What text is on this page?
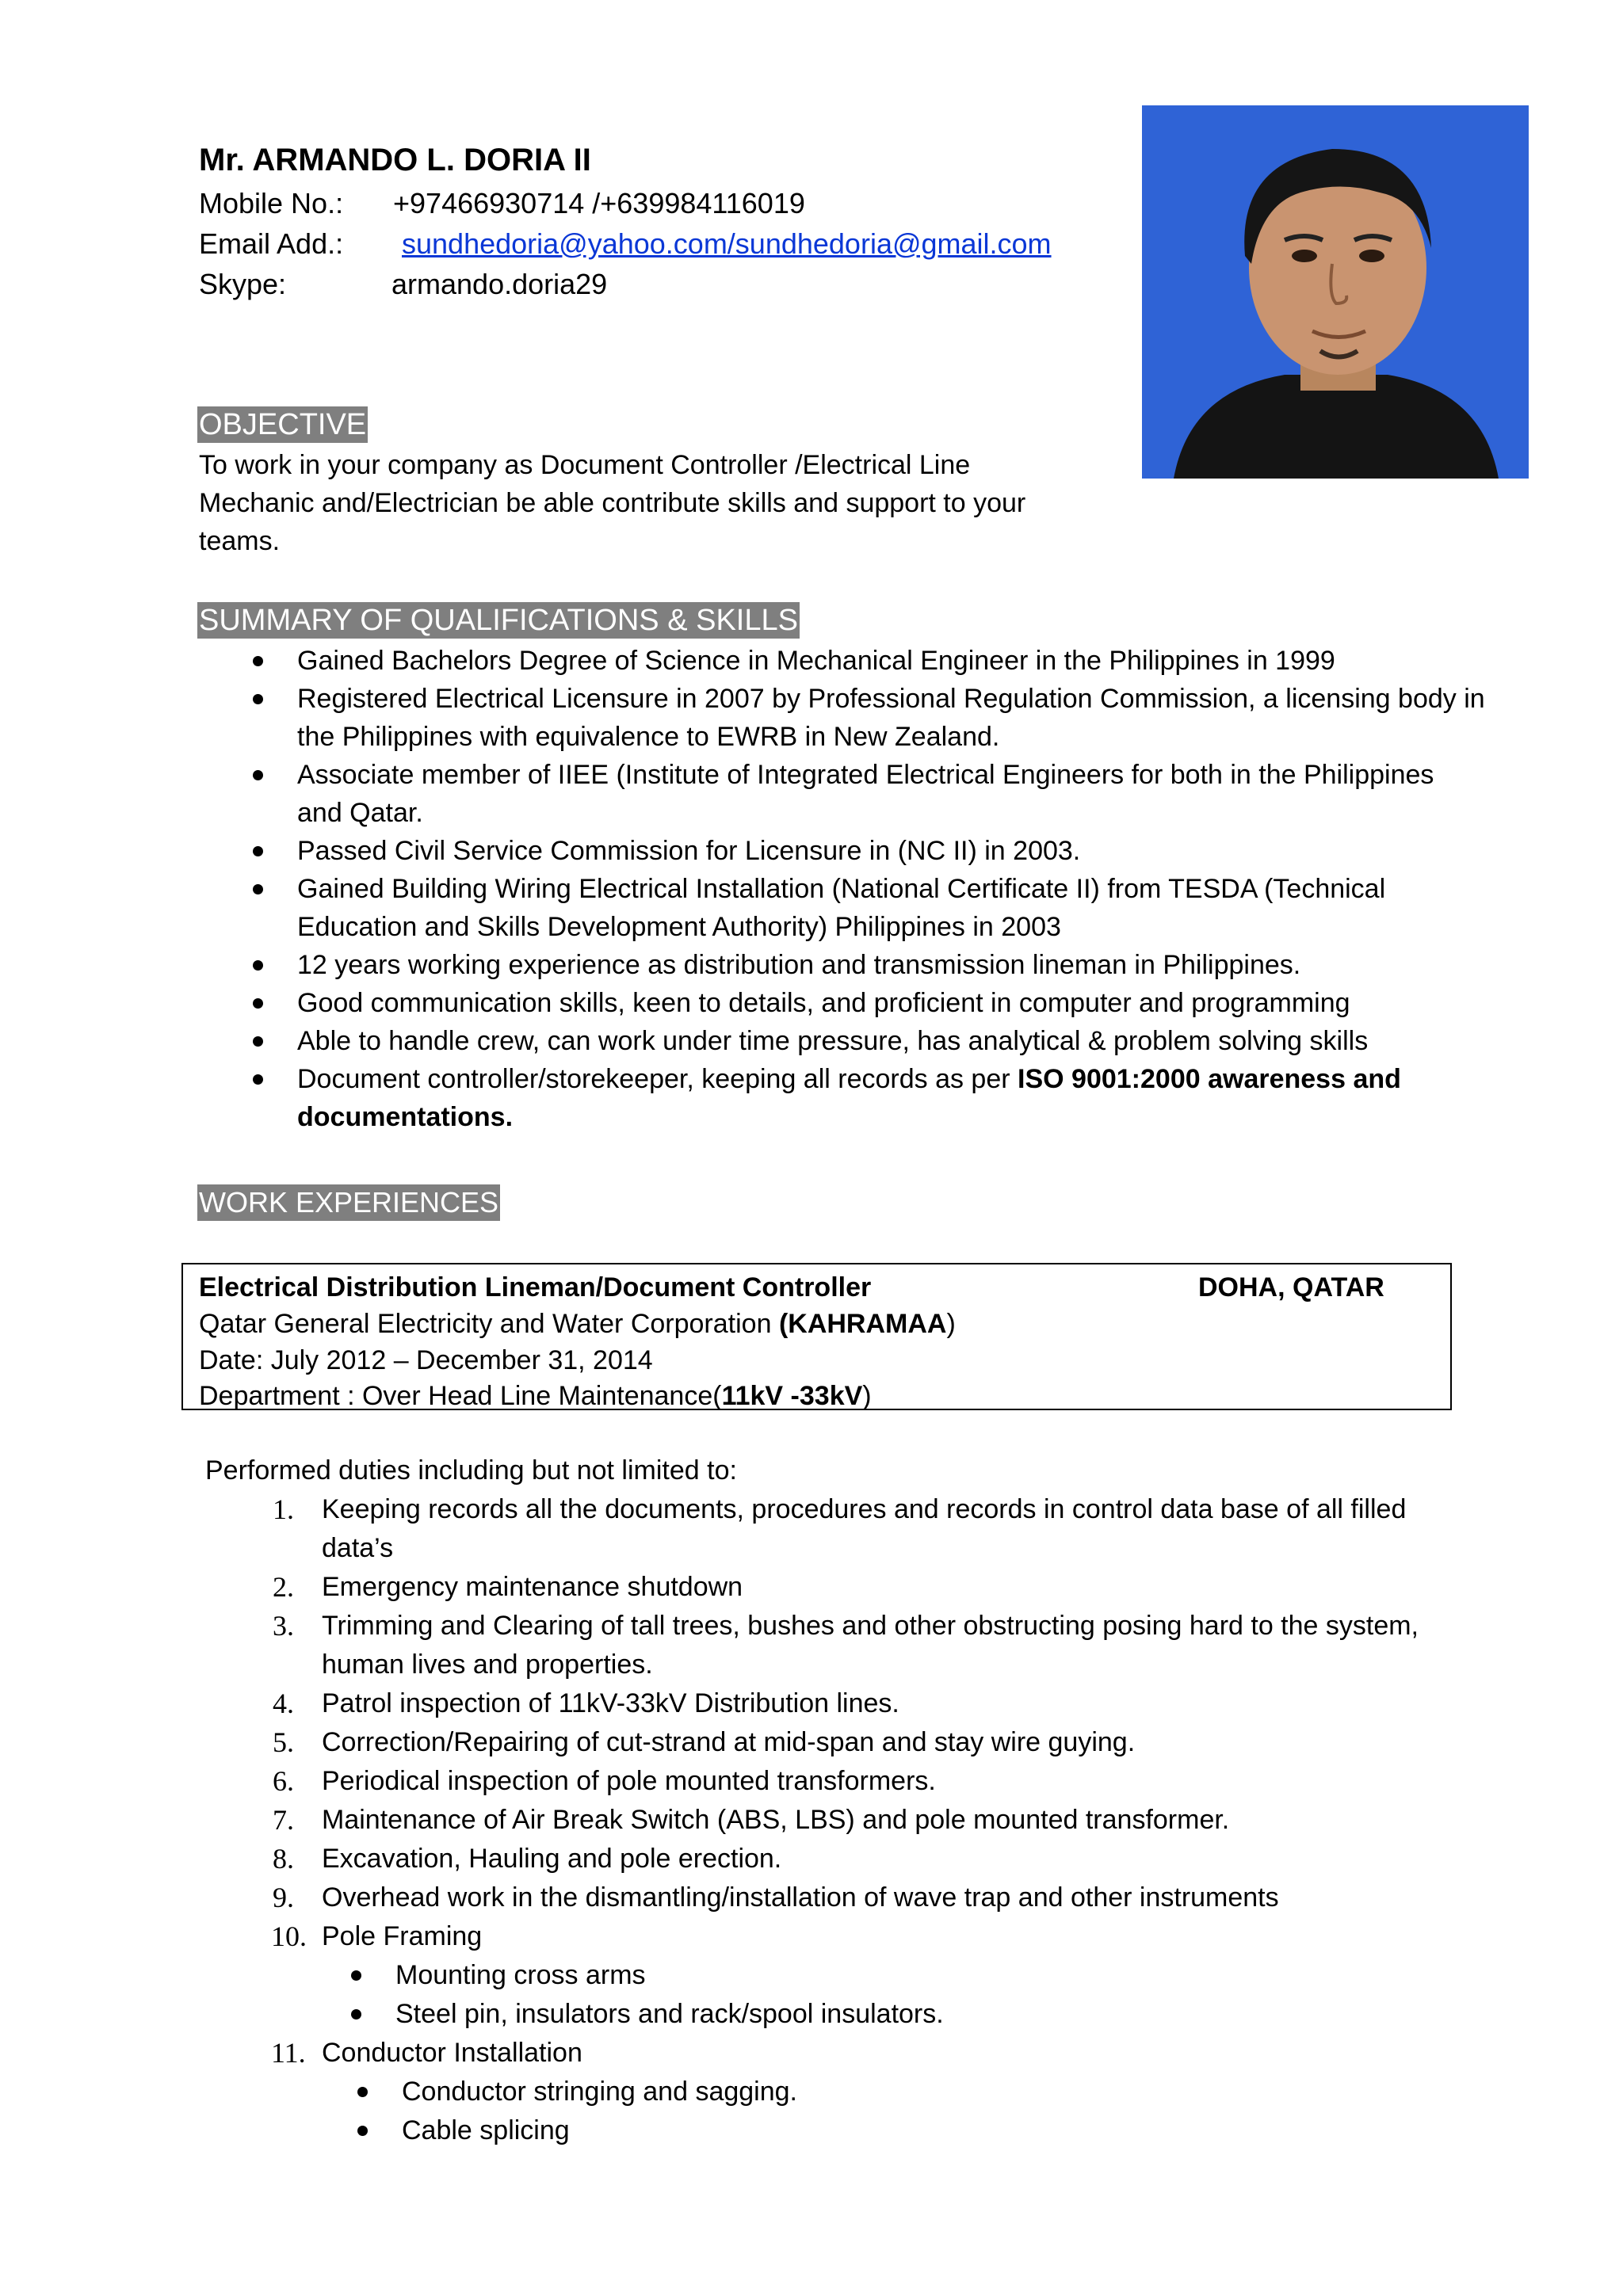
Mr. ARMANDO L. DORIA II
Mobile No.: +97466930714 /+639984116019
Email Add.: sundhedoria@yahoo.com/sundhedoria@gmail.com
Skype:	armando.doria29
OBJECTIVE
To work in your company as Document Controller /Electrical Line
Mechanic and/Electrician be able contribute skills and support to your
teams.
SUMMARY OF QUALIFICATIONS & SKILLS
Gained Bachelors Degree of Science in Mechanical Engineer in the Philippines in 1999
Registered Electrical Licensure in 2007 by Professional Regulation Commission, a licensing body in
the Philippines with equivalence to EWRB in New Zealand.
Associate member of IIEE (Institute of Integrated Electrical Engineers for both in the Philippines
and Qatar.
Passed Civil Service Commission for Licensure in (NC II) in 2003.
Gained Building Wiring Electrical Installation (National Certificate II) from TESDA (Technical
Education and Skills Development Authority) Philippines in 2003
12 years working experience as distribution and transmission lineman in Philippines.
Good communication skills, keen to details, and proficient in computer and programming
Able to handle crew, can work under time pressure, has analytical & problem solving skills
Document controller/storekeeper, keeping all records as per ISO 9001:2000 awareness and
documentations.
WORK EXPERIENCES
Electrical Distribution Lineman/Document Controller	DOHA, QATAR
Qatar General Electricity and Water Corporation (KAHRAMAA)
Date: July 2012 – December 31, 2014
Department : Over Head Line Maintenance(11kV -33kV)
Performed duties including but not limited to:
1. Keeping records all the documents, procedures and records in control data base of all filled
data’s
2. Emergency maintenance shutdown
3. Trimming and Clearing of tall trees, bushes and other obstructing posing hard to the system,
human lives and properties.
4. Patrol inspection of 11kV-33kV Distribution lines.
5. Correction/Repairing of cut-strand at mid-span and stay wire guying.
6. Periodical inspection of pole mounted transformers.
7. Maintenance of Air Break Switch (ABS, LBS) and pole mounted transformer.
8. Excavation, Hauling and pole erection.
9. Overhead work in the dismantling/installation of wave trap and other instruments
10. Pole Framing
Mounting cross arms
Steel pin, insulators and rack/spool insulators.
11. Conductor Installation
Conductor stringing and sagging.
Cable splicing
